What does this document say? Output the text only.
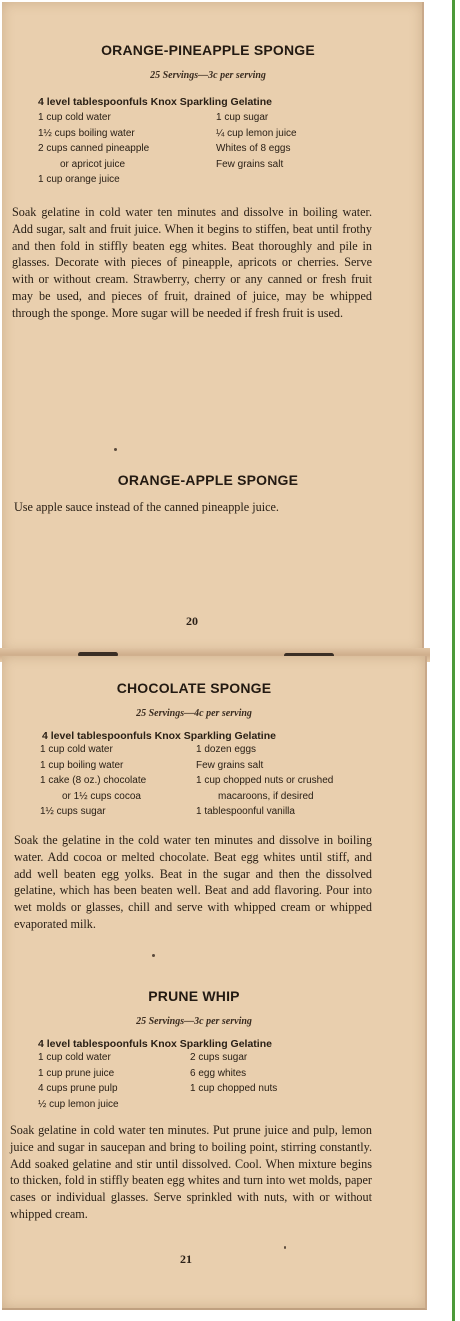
ORANGE-PINEAPPLE SPONGE
25 Servings—3c per serving
4 level tablespoonfuls Knox Sparkling Gelatine
1 cup cold water
1½ cups boiling water
2 cups canned pineapple
or apricot juice
1 cup orange juice
1 cup sugar
¼ cup lemon juice
Whites of 8 eggs
Few grains salt
Soak gelatine in cold water ten minutes and dissolve in boiling water. Add sugar, salt and fruit juice. When it begins to stiffen, beat until frothy and then fold in stiffly beaten egg whites. Beat thoroughly and pile in glasses. Decorate with pieces of pineapple, apricots or cherries. Serve with or without cream. Strawberry, cherry or any canned or fresh fruit may be used, and pieces of fruit, drained of juice, may be whipped through the sponge. More sugar will be needed if fresh fruit is used.
ORANGE-APPLE SPONGE
Use apple sauce instead of the canned pineapple juice.
20
CHOCOLATE SPONGE
25 Servings—4c per serving
4 level tablespoonfuls Knox Sparkling Gelatine
1 cup cold water
1 cup boiling water
1 cake (8 oz.) chocolate
or 1½ cups cocoa
1½ cups sugar
1 dozen eggs
Few grains salt
1 cup chopped nuts or crushed
macaroons, if desired
1 tablespoonful vanilla
Soak the gelatine in the cold water ten minutes and dissolve in boiling water. Add cocoa or melted chocolate. Beat egg whites until stiff, and add well beaten egg yolks. Beat in the sugar and then the dissolved gelatine, which has been beaten well. Beat and add flavoring. Pour into wet molds or glasses, chill and serve with whipped cream or whipped evaporated milk.
PRUNE WHIP
25 Servings—3c per serving
4 level tablespoonfuls Knox Sparkling Gelatine
1 cup cold water
1 cup prune juice
4 cups prune pulp
½ cup lemon juice
2 cups sugar
6 egg whites
1 cup chopped nuts
Soak gelatine in cold water ten minutes. Put prune juice and pulp, lemon juice and sugar in saucepan and bring to boiling point, stirring constantly. Add soaked gelatine and stir until dissolved. Cool. When mixture begins to thicken, fold in stiffly beaten egg whites and turn into wet molds, paper cases or individual glasses. Serve sprinkled with nuts, with or without whipped cream.
21
